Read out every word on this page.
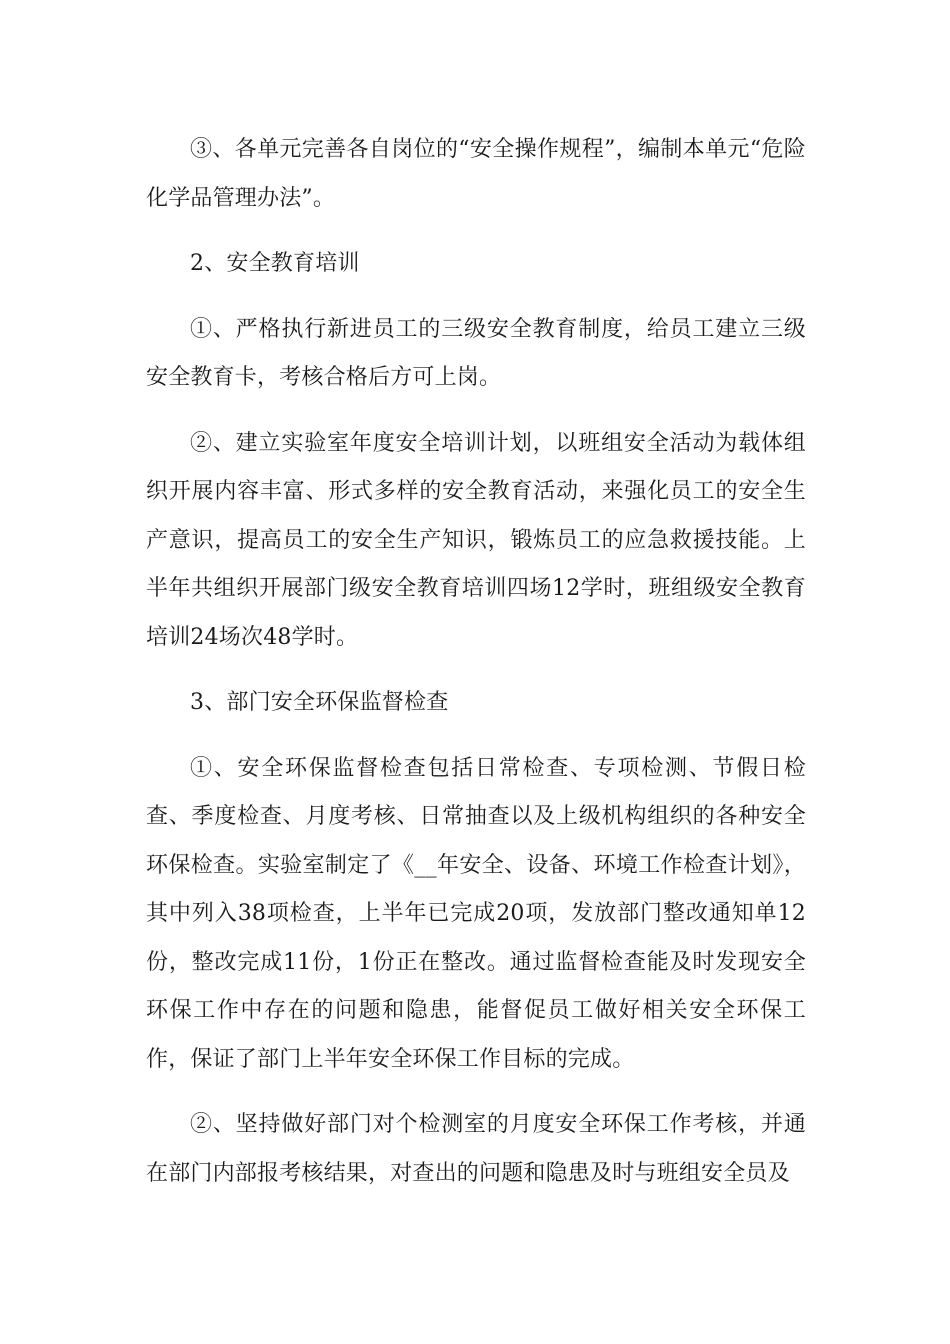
③、各单元完善各自岗位的“安全操作规程”，编制本单元“危险化学品管理办法”。

2、安全教育培训

①、严格执行新进员工的三级安全教育制度，给员工建立三级安全教育卡，考核合格后方可上岗。

②、建立实验室年度安全培训计划，以班组安全活动为载体组织开展内容丰富、形式多样的安全教育活动，来强化员工的安全生产意识，提高员工的安全生产知识，锻炼员工的应急救援技能。上半年共组织开展部门级安全教育培训四场12学时，班组级安全教育培训24场次48学时。

3、部门安全环保监督检查

①、安全环保监督检查包括日常检查、专项检测、节假日检查、季度检查、月度考核、日常抽查以及上级机构组织的各种安全环保检查。实验室制定了《__年安全、设备、环境工作检查计划》，其中列入38项检查，上半年已完成20项，发放部门整改通知单12份，整改完成11份，1份正在整改。通过监督检查能及时发现安全环保工作中存在的问题和隐患，能督促员工做好相关安全环保工作，保证了部门上半年安全环保工作目标的完成。

②、坚持做好部门对个检测室的月度安全环保工作考核，并通在部门内部报考核结果，对查出的问题和隐患及时与班组安全员及
